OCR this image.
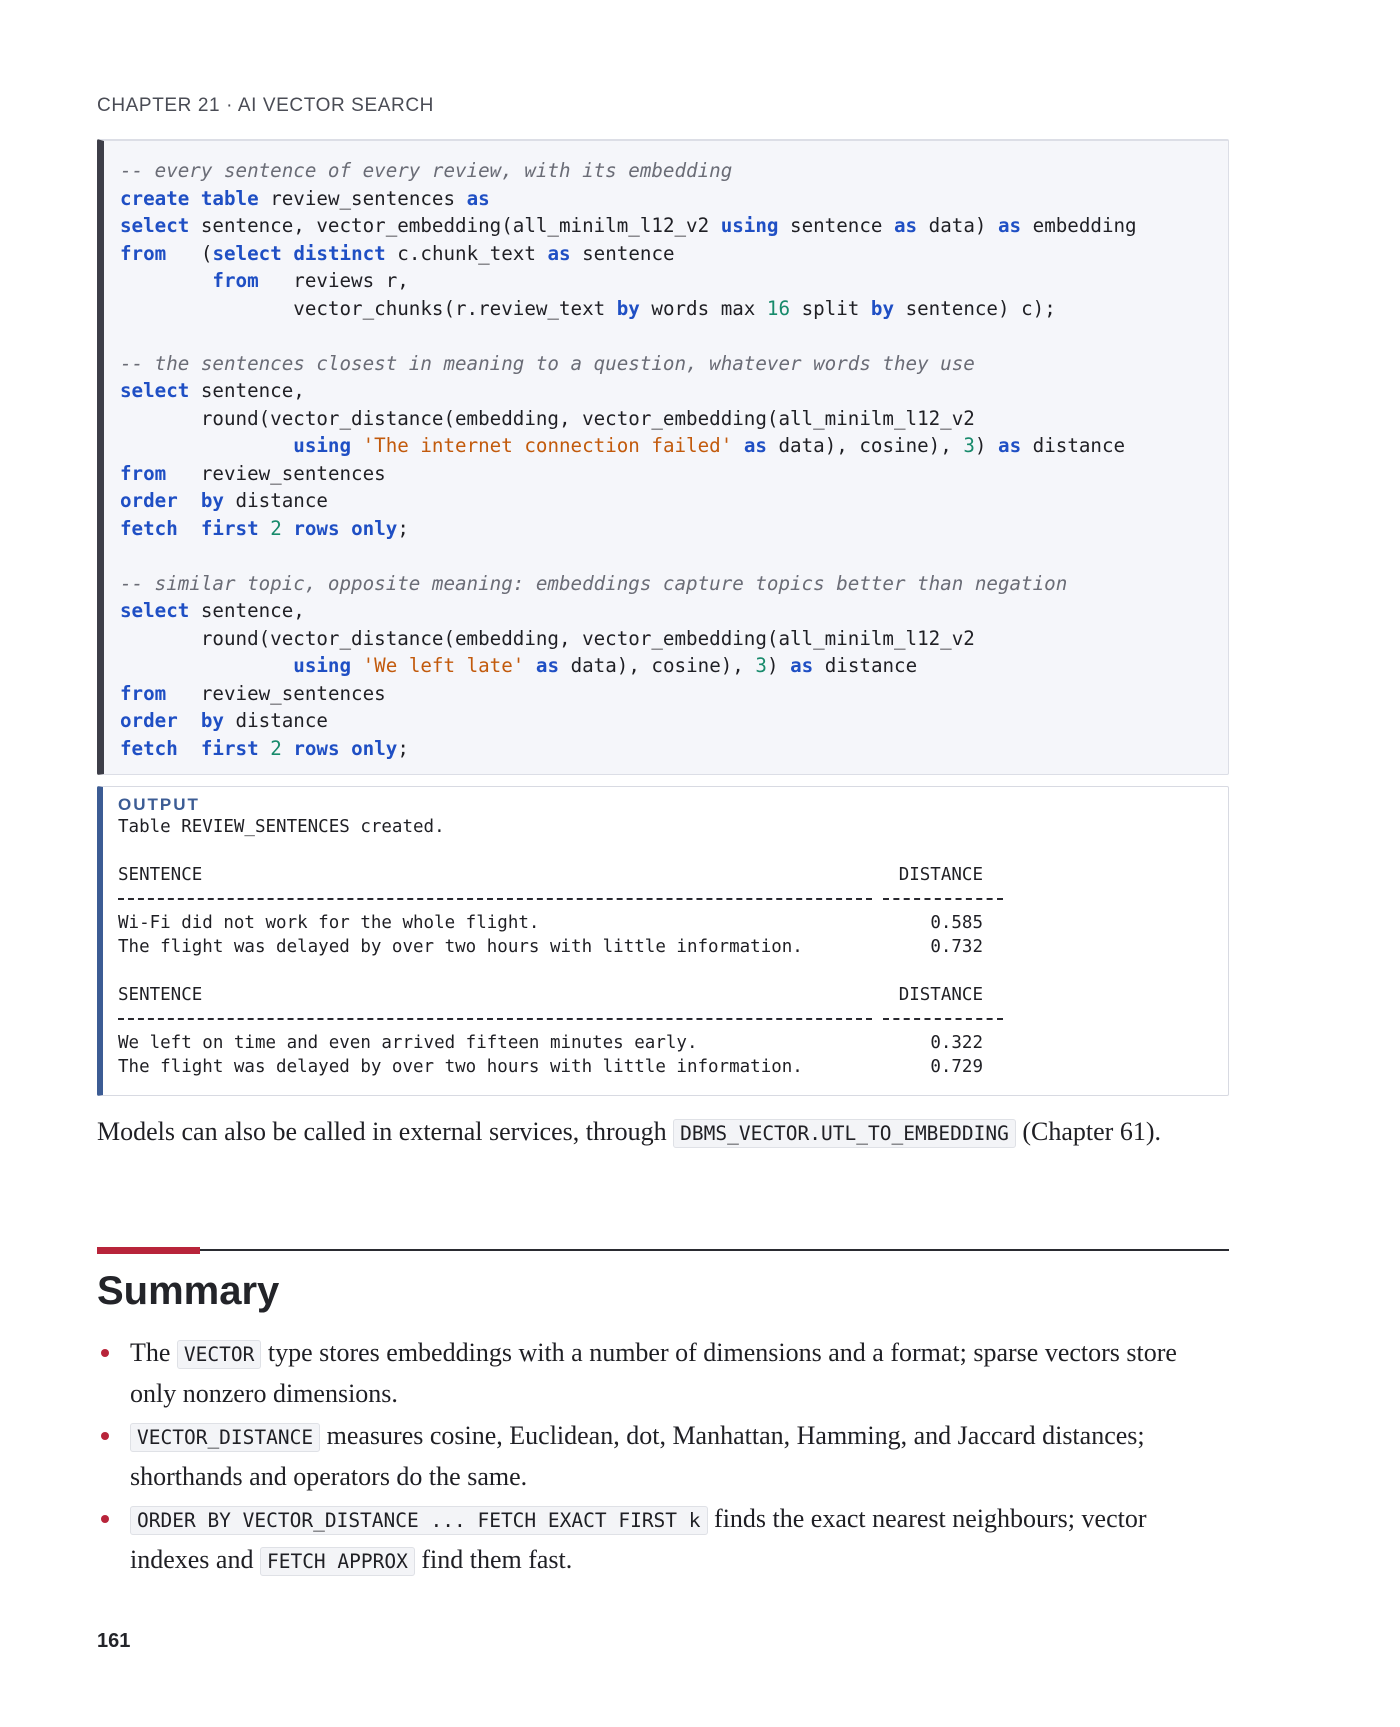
CHAPTER 21 · AI VECTOR SEARCH
-- every sentence of every review, with its embedding
create table review_sentences as
select sentence, vector_embedding(all_minilm_l12_v2 using sentence as data) as embedding
from   (select distinct c.chunk_text as sentence
from   reviews r,
vector_chunks(r.review_text by words max 16 split by sentence) c);
-- the sentences closest in meaning to a question, whatever words they use
select sentence,
round(vector_distance(embedding, vector_embedding(all_minilm_l12_v2
using 'The internet connection failed' as data), cosine), 3) as distance
from   review_sentences
order by distance
fetch first 2 rows only;
-- similar topic, opposite meaning: embeddings capture topics better than negation
select sentence,
round(vector_distance(embedding, vector_embedding(all_minilm_l12_v2
using 'We left late' as data), cosine), 3) as distance
from   review_sentences
order by distance
fetch first 2 rows only;
OUTPUT
Table REVIEW_SENTENCES created.
SENTENCE	DISTANCE
Wi-Fi did not work for the whole flight.	0.585
The flight was delayed by over two hours with little information.	0.732
SENTENCE	DISTANCE
We left on time and even arrived fifteen minutes early.	0.322
The flight was delayed by over two hours with little information.	0.729

Models can also be called in external services, through DBMS_VECTOR.UTL_TO_EMBEDDING (Chapter 61).

Summary
The VECTOR type stores embeddings with a number of dimensions and a format; sparse vectors store only nonzero dimensions.
VECTOR_DISTANCE measures cosine, Euclidean, dot, Manhattan, Hamming, and Jaccard distances; shorthands and operators do the same.
ORDER BY VECTOR_DISTANCE ... FETCH EXACT FIRST k finds the exact nearest neighbours; vector indexes and FETCH APPROX find them fast.
161
